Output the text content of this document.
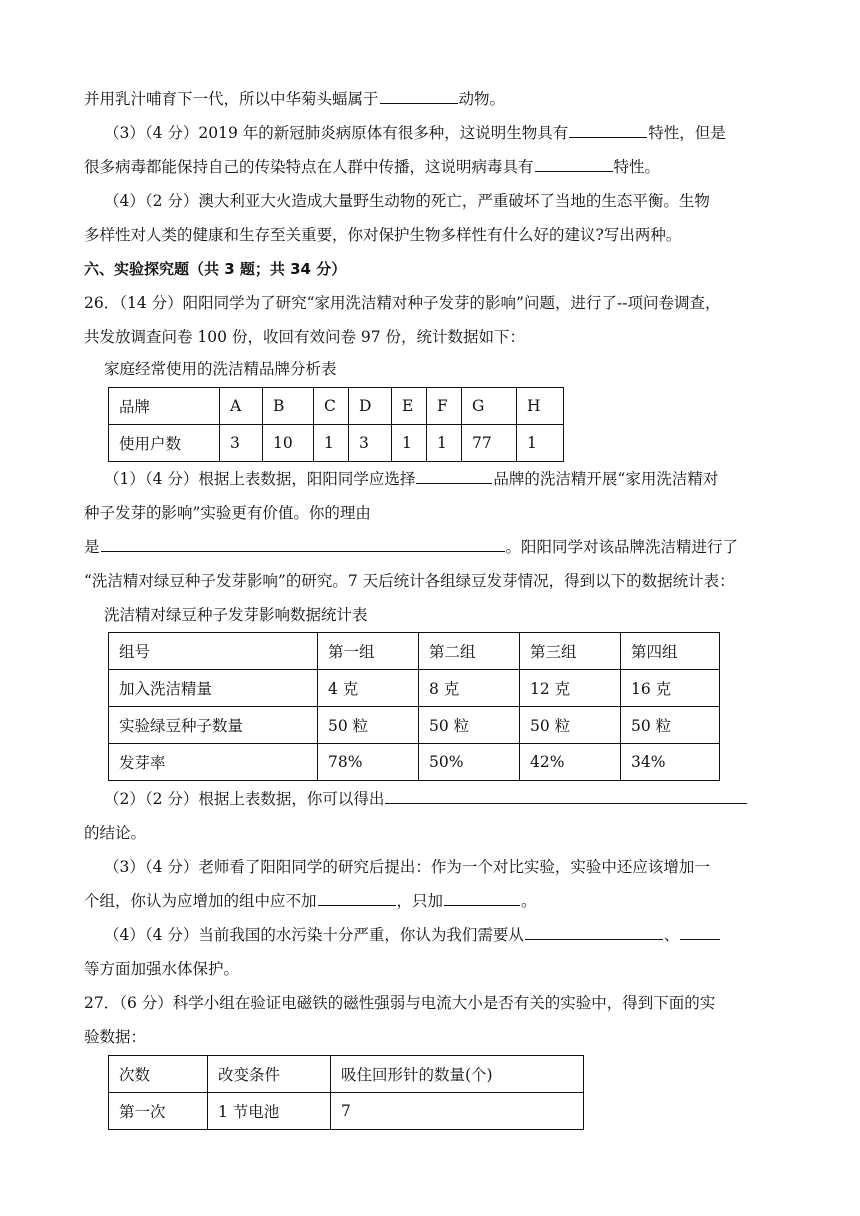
并用乳汁哺育下一代，所以中华菊头蝠属于	动物。
（3）（4 分）2019 年的新冠肺炎病原体有很多种，这说明生物具有	特性，但是
很多病毒都能保持自己的传染特点在人群中传播，这说明病毒具有	特性。
（4）（2 分）澳大利亚大火造成大量野生动物的死亡，严重破坏了当地的生态平衡。生物
多样性对人类的健康和生存至关重要，你对保护生物多样性有什么好的建议?写出两种。
六、实验探究题（共 3 题；共 34 分）
26．（14 分）阳阳同学为了研究“家用洗洁精对种子发芽的影响”问题，进行了--项问卷调查，
共发放调查问卷 100 份，收回有效问卷 97 份，统计数据如下：
家庭经常使用的洗洁精品牌分析表
品牌	A	B	C	D	E	F	G	H
使用户数	3	10	1	3	1	1	77	1
（1）（4 分）根据上表数据，阳阳同学应选择	品牌的洗洁精开展“家用洗洁精对
种子发芽的影响”实验更有价值。你的理由
是	。阳阳同学对该品牌洗洁精进行了
“洗洁精对绿豆种子发芽影响”的研究。7 天后统计各组绿豆发芽情况，得到以下的数据统计表：
洗洁精对绿豆种子发芽影响数据统计表
组号	第一组	第二组	第三组	第四组
加入洗洁精量	4 克	8 克	12 克	16 克
实验绿豆种子数量	50 粒	50 粒	50 粒	50 粒
发芽率	78%	50%	42%	34%
（2）（2 分）根据上表数据，你可以得出
的结论。
（3）（4 分）老师看了阳阳同学的研究后提出：作为一个对比实验，实验中还应该增加一
个组，你认为应增加的组中应不加	，只加	。
（4）（4 分）当前我国的水污染十分严重，你认为我们需要从	、
等方面加强水体保护。
27．（6 分）科学小组在验证电磁铁的磁性强弱与电流大小是否有关的实验中，得到下面的实
验数据：
次数	改变条件	吸住回形针的数量(个)
第一次	1 节电池	7
